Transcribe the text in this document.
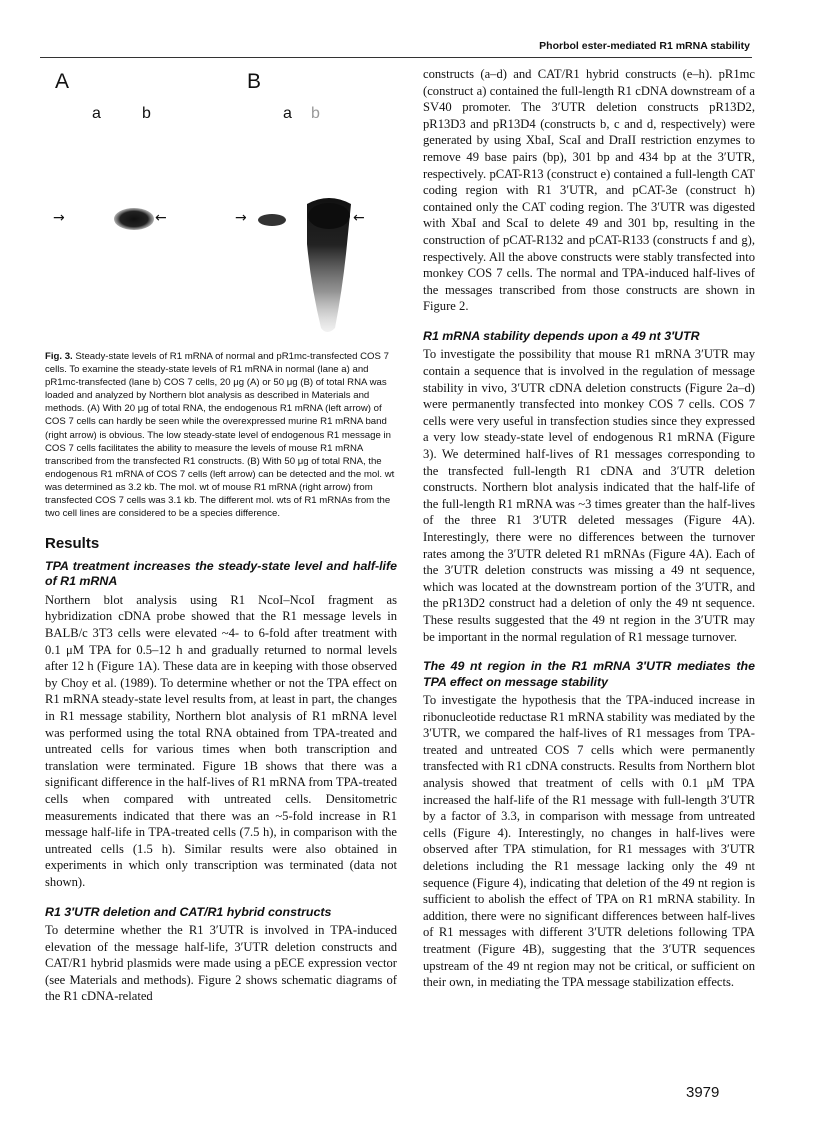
Phorbol ester-mediated R1 mRNA stability
A	B
a	b	a b
→	←	→	←
Fig. 3. Steady-state levels of R1 mRNA of normal and pR1mc-transfected COS 7 cells. To examine the steady-state levels of R1 mRNA in normal (lane a) and pR1mc-transfected (lane b) COS 7 cells, 20 μg (A) or 50 μg (B) of total RNA was loaded and analyzed by Northern blot analysis as described in Materials and methods. (A) With 20 μg of total RNA, the endogenous R1 mRNA (left arrow) of COS 7 cells can hardly be seen while the overexpressed murine R1 mRNA band (right arrow) is obvious. The low steady-state level of endogenous R1 message in COS 7 cells facilitates the ability to measure the levels of mouse R1 mRNA transcribed from the transfected R1 constructs. (B) With 50 μg of total RNA, the endogenous R1 mRNA of COS 7 cells (left arrow) can be detected and the mol. wt was determined as 3.2 kb. The mol. wt of mouse R1 mRNA (right arrow) from transfected COS 7 cells was 3.1 kb. The different mol. wts of R1 mRNAs from the two cell lines are considered to be a species difference.
Results
TPA treatment increases the steady-state level and half-life of R1 mRNA

Northern blot analysis using R1 NcoI–NcoI fragment as hybridization cDNA probe showed that the R1 message levels in BALB/c 3T3 cells were elevated ~4- to 6-fold after treatment with 0.1 μM TPA for 0.5–12 h and gradually returned to normal levels after 12 h (Figure 1A). These data are in keeping with those observed by Choy et al. (1989). To determine whether or not the TPA effect on R1 mRNA steady-state level results from, at least in part, the changes in R1 message stability, Northern blot analysis of R1 mRNA level was performed using the total RNA obtained from TPA-treated and untreated cells for various times when both transcription and translation were terminated. Figure 1B shows that there was a significant difference in the half-lives of R1 mRNA from TPA-treated cells when compared with untreated cells. Densitometric measurements indicated that there was an ~5-fold increase in R1 message half-life in TPA-treated cells (7.5 h), in comparison with the untreated cells (1.5 h). Similar results were also obtained in experiments in which only transcription was terminated (data not shown).

R1 3′UTR deletion and CAT/R1 hybrid constructs

To determine whether the R1 3′UTR is involved in TPA-induced elevation of the message half-life, 3′UTR deletion constructs and CAT/R1 hybrid plasmids were made using a pECE expression vector (see Materials and methods). Figure 2 shows schematic diagrams of the R1 cDNA-related

constructs (a–d) and CAT/R1 hybrid constructs (e–h). pR1mc (construct a) contained the full-length R1 cDNA downstream of a SV40 promoter. The 3′UTR deletion constructs pR13D2, pR13D3 and pR13D4 (constructs b, c and d, respectively) were generated by using XbaI, ScaI and DraII restriction enzymes to remove 49 base pairs (bp), 301 bp and 434 bp at the 3′UTR, respectively. pCAT-R13 (construct e) contained a full-length CAT coding region with R1 3′UTR, and pCAT-3e (construct h) contained only the CAT coding region. The 3′UTR was digested with XbaI and ScaI to delete 49 and 301 bp, resulting in the construction of pCAT-R132 and pCAT-R133 (constructs f and g), respectively. All the above constructs were stably transfected into monkey COS 7 cells. The normal and TPA-induced half-lives of the messages transcribed from those constructs are shown in Figure 2.

R1 mRNA stability depends upon a 49 nt 3′UTR

To investigate the possibility that mouse R1 mRNA 3′UTR may contain a sequence that is involved in the regulation of message stability in vivo, 3′UTR cDNA deletion constructs (Figure 2a–d) were permanently transfected into monkey COS 7 cells. COS 7 cells were very useful in transfection studies since they expressed a very low steady-state level of endogenous R1 mRNA (Figure 3). We determined half-lives of R1 messages corresponding to the transfected full-length R1 cDNA and 3′UTR deletion constructs. Northern blot analysis indicated that the half-life of the full-length R1 mRNA was ~3 times greater than the half-lives of the three R1 3′UTR deleted messages (Figure 4A). Interestingly, there were no differences between the turnover rates among the 3′UTR deleted R1 mRNAs (Figure 4A). Each of the 3′UTR deletion constructs was missing a 49 nt sequence, which was located at the downstream portion of the 3′UTR, and the pR13D2 construct had a deletion of only the 49 nt sequence. These results suggested that the 49 nt region in the 3′UTR may be important in the normal regulation of R1 message turnover.

The 49 nt region in the R1 mRNA 3′UTR mediates the TPA effect on message stability

To investigate the hypothesis that the TPA-induced increase in ribonucleotide reductase R1 mRNA stability was mediated by the 3′UTR, we compared the half-lives of R1 messages from TPA-treated and untreated COS 7 cells which were permanently transfected with R1 cDNA constructs. Results from Northern blot analysis showed that treatment of cells with 0.1 μM TPA increased the half-life of the R1 message with full-length 3′UTR by a factor of 3.3, in comparison with message from untreated cells (Figure 4). Interestingly, no changes in half-lives were observed after TPA stimulation, for R1 messages with 3′UTR deletions including the R1 message lacking only the 49 nt sequence (Figure 4), indicating that deletion of the 49 nt region is sufficient to abolish the effect of TPA on R1 mRNA stability. In addition, there were no significant differences between half-lives of R1 messages with different 3′UTR deletions following TPA treatment (Figure 4B), suggesting that the 3′UTR sequences upstream of the 49 nt region may not be critical, or sufficient on their own, in mediating the TPA message stabilization effects.

3979
